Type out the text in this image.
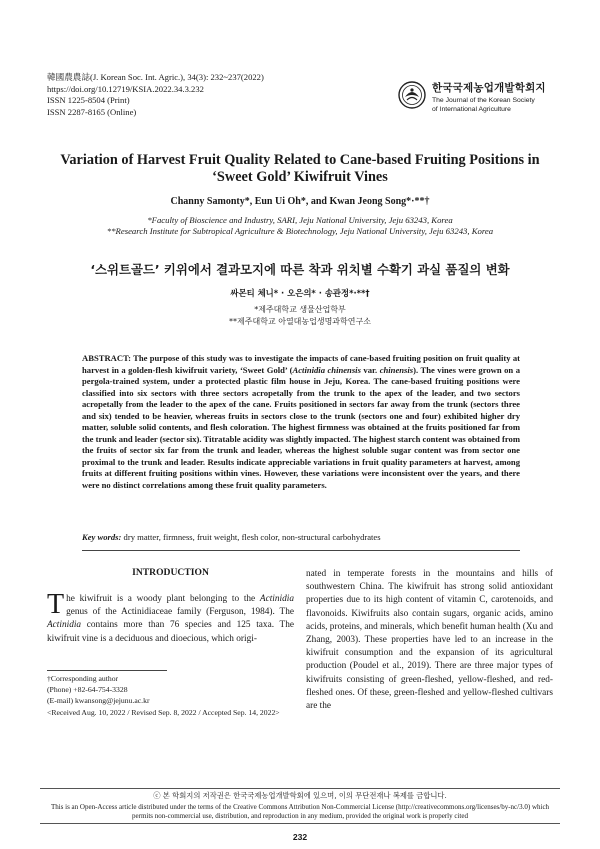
韓國農農誌(J. Korean Soc. Int. Agric.), 34(3): 232~237(2022)
https://doi.org/10.12719/KSIA.2022.34.3.232
ISSN 1225-8504 (Print)
ISSN 2287-8165 (Online)
한국국제농업개발학회지
The Journal of the Korean Society
of International Agriculture
Variation of Harvest Fruit Quality Related to Cane-based Fruiting Positions in
‘Sweet Gold’ Kiwifruit Vines
Channy Samonty*, Eun Ui Oh*, and Kwan Jeong Song*·**†
*Faculty of Bioscience and Industry, SARI, Jeju National University, Jeju 63243, Korea
**Research Institute for Subtropical Agriculture & Biotechnology, Jeju National University, Jeju 63243, Korea
‘스위트골드’ 키위에서 결과모지에 따른 착과 위치별 수확기 과실 품질의 변화
싸몬티 체니* · 오은의* · 송관정*·**†
*제주대학교 생물산업학부
**제주대학교 아열대농업생명과학연구소
ABSTRACT: The purpose of this study was to investigate the impacts of cane-based fruiting position on fruit quality at harvest in a golden-flesh kiwifruit variety, ‘Sweet Gold’ (Actinidia chinensis var. chinensis). The vines were grown on a pergola-trained system, under a protected plastic film house in Jeju, Korea. The cane-based fruiting positions were classified into six sectors with three sectors acropetally from the trunk to the apex of the leader, and two sectors acropetally from the leader to the apex of the cane. Fruits positioned in sectors far away from the trunk (sectors three and six) tended to be heavier, whereas fruits in sectors close to the trunk (sectors one and four) exhibited higher dry matter, soluble solid contents, and flesh coloration. The highest firmness was obtained at the fruits positioned far from the trunk and leader (sector six). Titratable acidity was slightly impacted. The highest starch content was obtained from the fruits of sector six far from the trunk and leader, whereas the highest soluble sugar content was from sector one proximal to the trunk and leader. Results indicate appreciable variations in fruit quality parameters at harvest, among fruits at different fruiting positions within vines. However, these variations were inconsistent over the years, and there were no distinct correlations among these fruit quality parameters.
Key words: dry matter, firmness, fruit weight, flesh color, non-structural carbohydrates
INTRODUCTION
The kiwifruit is a woody plant belonging to the Actinidia genus of the Actinidiaceae family (Ferguson, 1984). The Actinidia contains more than 76 species and 125 taxa. The kiwifruit vine is a deciduous and dioecious, which origi-
nated in temperate forests in the mountains and hills of southwestern China. The kiwifruit has strong solid antioxidant properties due to its high content of vitamin C, carotenoids, and flavonoids. Kiwifruits also contain sugars, organic acids, amino acids, proteins, and minerals, which benefit human health (Xu and Zhang, 2003). These properties have led to an increase in the kiwifruit consumption and the expansion of its agricultural production (Poudel et al., 2019). There are three major types of kiwifruits consisting of green-fleshed, yellow-fleshed, and red-fleshed ones. Of these, green-fleshed and yellow-fleshed cultivars are the
†Corresponding author
(Phone) +82-64-754-3328
(E-mail) kwansong@jejunu.ac.kr
<Received Aug. 10, 2022 / Revised Sep. 8, 2022 / Accepted Sep. 14, 2022>
ⓒ 본 학회지의 저작권은 한국국제농업개발학회에 있으며, 이의 무단전재나 복제를 금합니다.
This is an Open-Access article distributed under the terms of the Creative Commons Attribution Non-Commercial License (http://creativecommons.org/licenses/by-nc/3.0) which
permits non-commercial use, distribution, and reproduction in any medium, provided the original work is properly cited
232
